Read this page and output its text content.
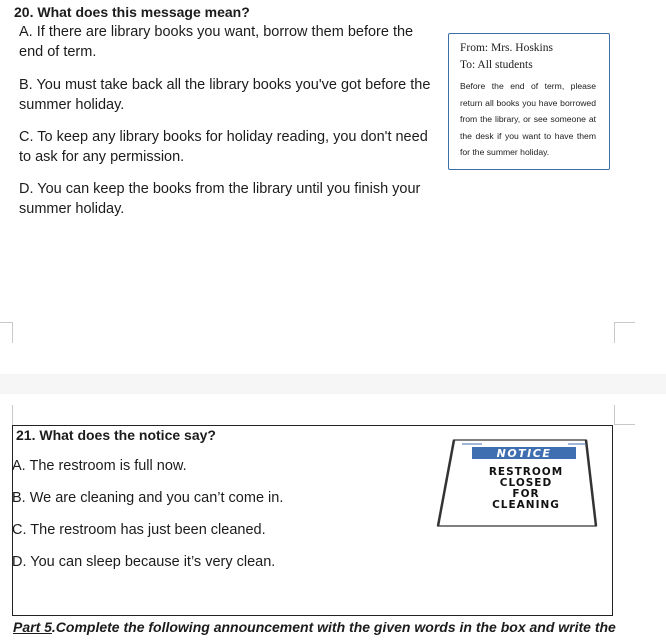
20. What does this message mean?
A. If there are library books you want, borrow them before the end of term.
B. You must take back all the library books you've got before the summer holiday.
C. To keep any library books for holiday reading, you don't need to ask for any permission.
D. You can keep the books from the library until you finish your summer holiday.
From: Mrs. Hoskins
To: All students
Before the end of term, please return all books you have borrowed from the library, or see someone at the desk if you want to have them for the summer holiday.
21. What does the notice say?
A. The restroom is full now.
B. We are cleaning and you can’t come in.
C. The restroom has just been cleaned.
D. You can sleep because it’s very clean.
NOTICE
RESTROOM
CLOSED
FOR
CLEANING
Part 5.Complete the following announcement with the given words in the box and write the
